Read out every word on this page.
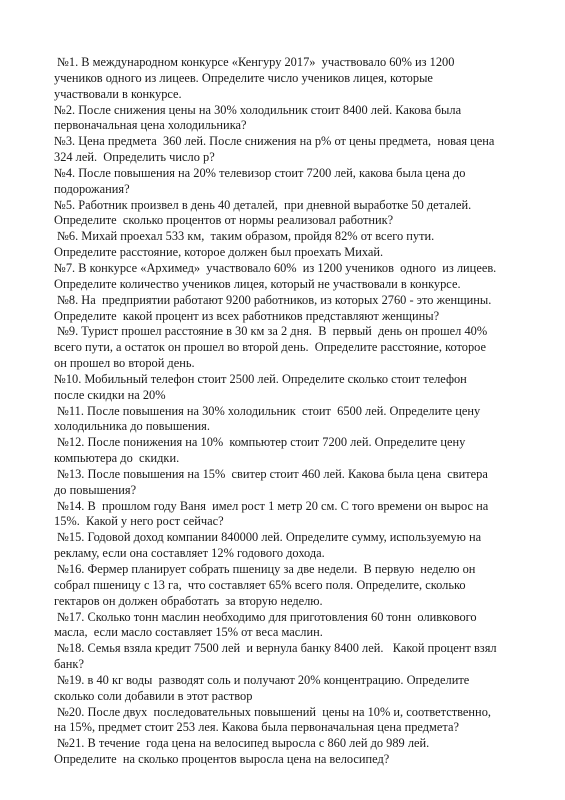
№1. В международном конкурсе «Кенгуру 2017»  участвовало 60% из 1200
учеников одного из лицеев. Определите число учеников лицея, которые
участвовали в конкурсе.
№2. После снижения цены на 30% холодильник стоит 8400 лей. Какова была
первоначальная цена холодильника?
№3. Цена предмета  360 лей. После снижения на р% от цены предмета,  новая цена
324 лей.  Определить число р?
№4. После повышения на 20% телевизор стоит 7200 лей, какова была цена до
подорожания?
№5. Работник произвел в день 40 деталей,  при дневной выработке 50 деталей.
Определите  сколько процентов от нормы реализовал работник?
№6. Михай проехал 533 км,  таким образом, пройдя 82% от всего пути.
Определите расстояние, которое должен был проехать Михай.
№7. В конкурсе «Архимед»  участвовало 60%  из 1200 учеников  одного  из лицеев.
Определите количество учеников лицея, который не участвовали в конкурсе.
№8. На  предприятии работают 9200 работников, из которых 2760 - это женщины.
Определите  какой процент из всех работников представляют женщины?
№9. Турист прошел расстояние в 30 км за 2 дня.  В  первый  день он прошел 40%
всего пути, а остаток он прошел во второй день.  Определите расстояние, которое
он прошел во второй день.
№10. Мобильный телефон стоит 2500 лей. Определите сколько стоит телефон
после скидки на 20%
№11. После повышения на 30% холодильник  стоит  6500 лей. Определите цену
холодильника до повышения.
№12. После понижения на 10%  компьютер стоит 7200 лей. Определите цену
компьютера до  скидки.
№13. После повышения на 15%  свитер стоит 460 лей. Какова была цена  свитера
до повышения?
№14. В  прошлом году Ваня  имел рост 1 метр 20 см. С того времени он вырос на
15%.  Какой у него рост сейчас?
№15. Годовой доход компании 840000 лей. Определите сумму, используемую на
рекламу, если она составляет 12% годового дохода.
№16. Фермер планирует собрать пшеницу за две недели.  В первую  неделю он
собрал пшеницу с 13 га,  что составляет 65% всего поля. Определите, сколько
гектаров он должен обработать  за вторую неделю.
№17. Сколько тонн маслин необходимо для приготовления 60 тонн  оливкового
масла,  если масло составляет 15% от веса маслин.
№18. Семья взяла кредит 7500 лей  и вернула банку 8400 лей.   Какой процент взял
банк?
№19. в 40 кг воды  разводят соль и получают 20% концентрацию. Определите
сколько соли добавили в этот раствор
№20. После двух  последовательных повышений  цены на 10% и, соответственно,
на 15%, предмет стоит 253 лея. Какова была первоначальная цена предмета?
№21. В течение  года цена на велосипед выросла с 860 лей до 989 лей.
Определите  на сколько процентов выросла цена на велосипед?
